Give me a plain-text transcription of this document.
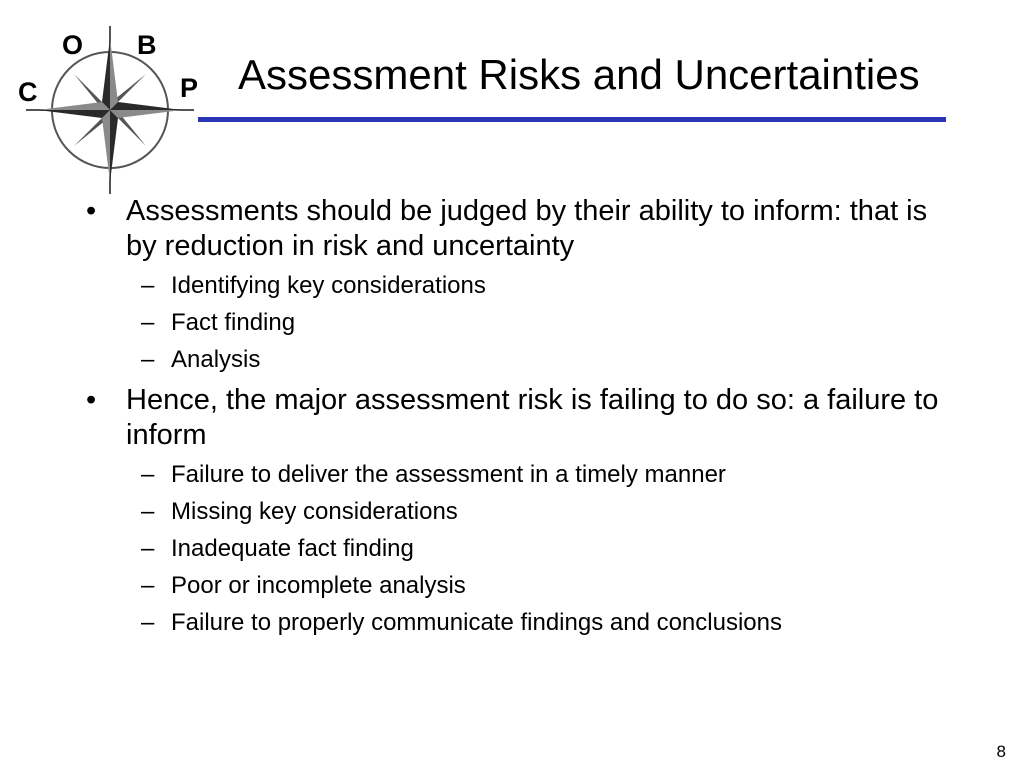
O B
C	P Assessment Risks and Uncertainties
• Assessments should be judged by their ability to inform: that is by reduction in risk and uncertainty
– Identifying key considerations
– Fact finding
– Analysis
• Hence, the major assessment risk is failing to do so: a failure to inform
– Failure to deliver the assessment in a timely manner
– Missing key considerations
– Inadequate fact finding
– Poor or incomplete analysis
– Failure to properly communicate findings and conclusions
8
